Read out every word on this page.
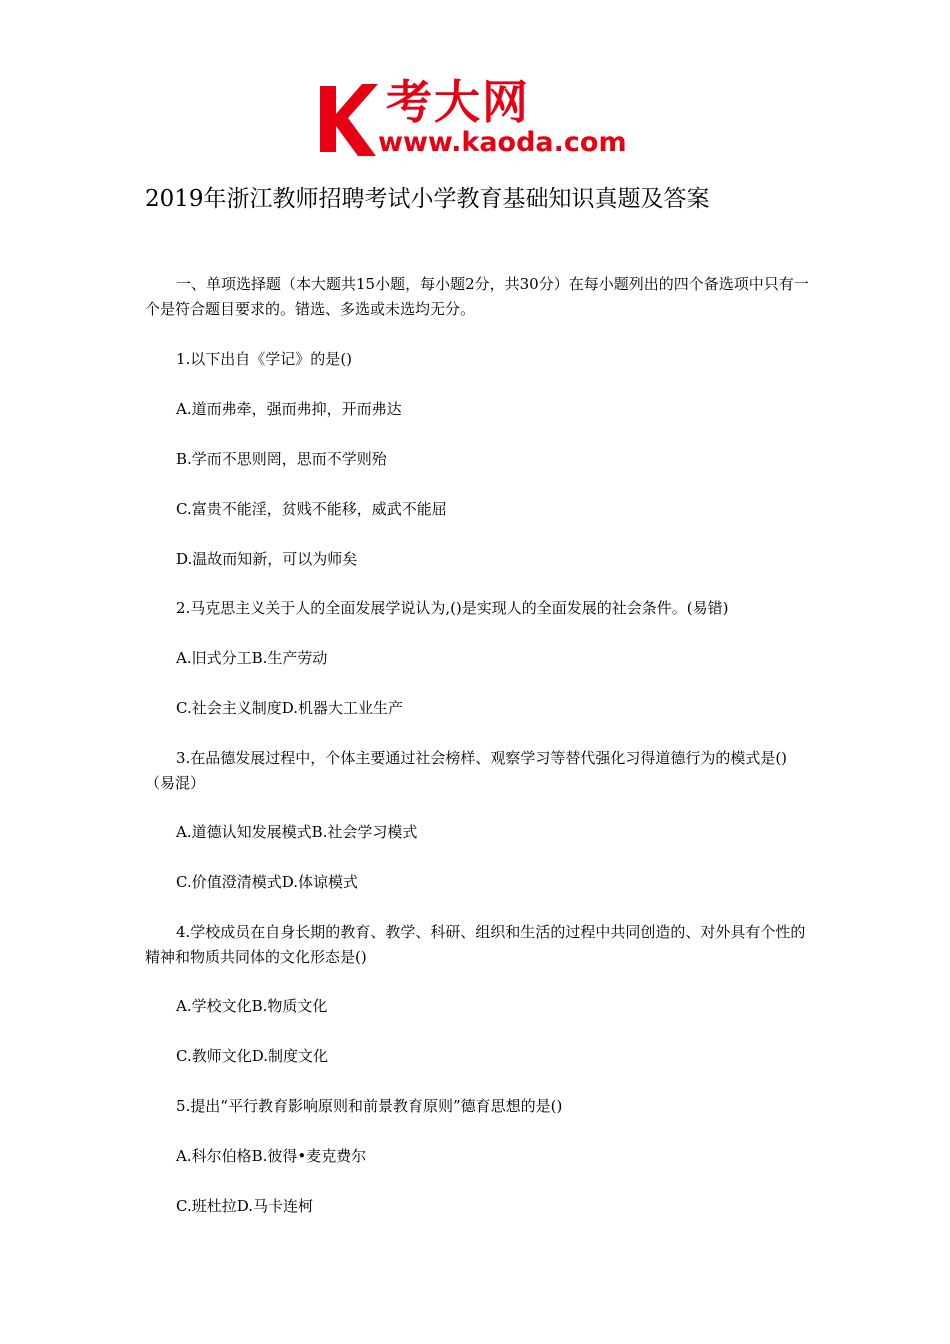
考大网
www.kaoda.com
2019年浙江教师招聘考试小学教育基础知识真题及答案

一、单项选择题（本大题共15小题，每小题2分，共30分）在每小题列出的四个备选项中只有一个是符合题目要求的。错选、多选或未选均无分。

1.以下出自《学记》的是()

A.道而弗牵，强而弗抑，开而弗达

B.学而不思则罔，思而不学则殆

C.富贵不能淫，贫贱不能移，威武不能屈

D.温故而知新，可以为师矣

2.马克思主义关于人的全面发展学说认为,()是实现人的全面发展的社会条件。(易错)

A.旧式分工B.生产劳动

C.社会主义制度D.机器大工业生产

3.在品德发展过程中，个体主要通过社会榜样、观察学习等替代强化习得道德行为的模式是()（易混）

A.道德认知发展模式B.社会学习模式

C.价值澄清模式D.体谅模式

4.学校成员在自身长期的教育、教学、科研、组织和生活的过程中共同创造的、对外具有个性的精神和物质共同体的文化形态是()

A.学校文化B.物质文化

C.教师文化D.制度文化

5.提出“平行教育影响原则和前景教育原则”德育思想的是()

A.科尔伯格B.彼得•麦克费尔

C.班杜拉D.马卡连柯
